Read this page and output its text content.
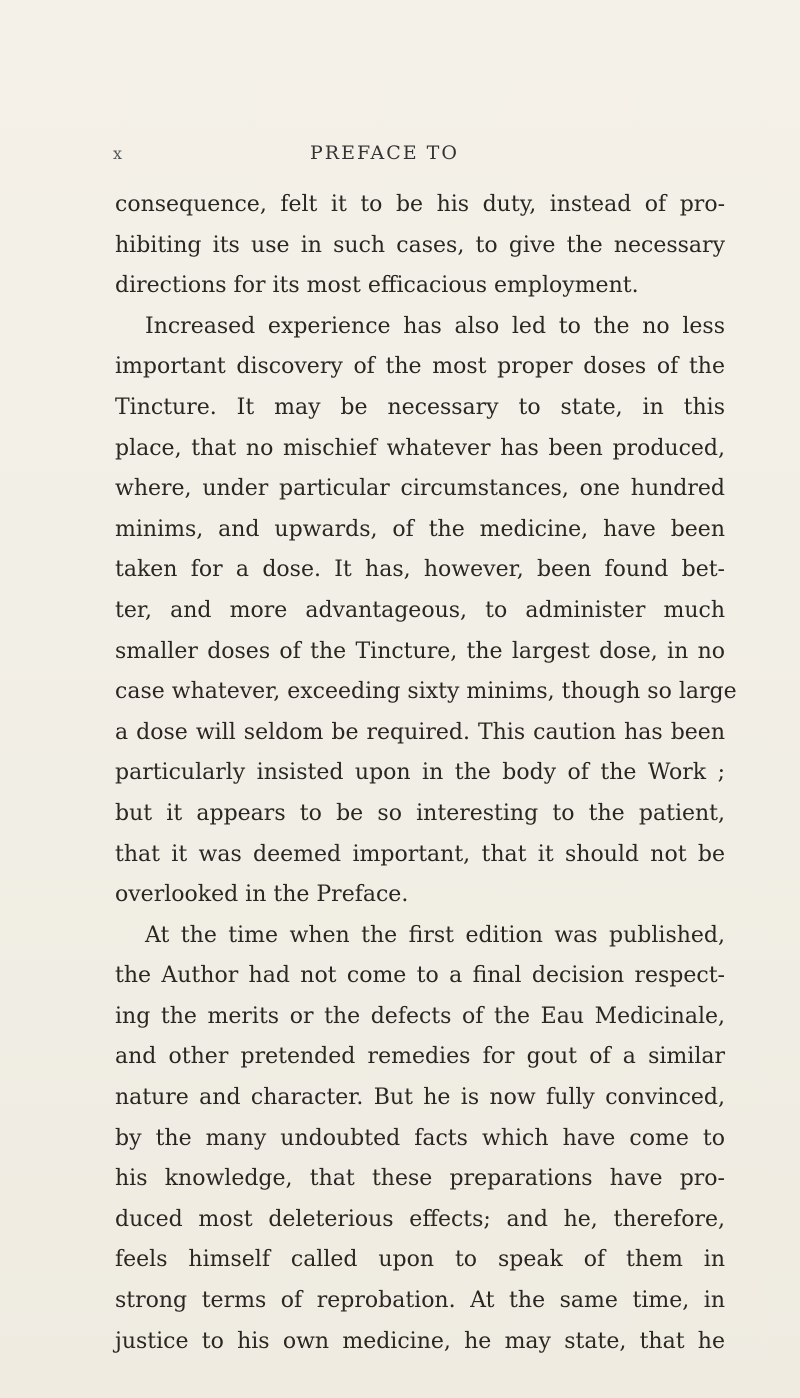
x	PREFACE TO
consequence, felt it to be his duty, instead of pro-
hibiting its use in such cases, to give the necessary
directions for its most efficacious employment.
Increased experience has also led to the no less
important discovery of the most proper doses of the
Tincture. It may be necessary to state, in this
place, that no mischief whatever has been produced,
where, under particular circumstances, one hundred
minims, and upwards, of the medicine, have been
taken for a dose. It has, however, been found bet-
ter, and more advantageous, to administer much
smaller doses of the Tincture, the largest dose, in no
case whatever, exceeding sixty minims, though so large
a dose will seldom be required. This caution has been
particularly insisted upon in the body of the Work ;
but it appears to be so interesting to the patient,
that it was deemed important, that it should not be
overlooked in the Preface.
At the time when the first edition was published,
the Author had not come to a final decision respect-
ing the merits or the defects of the Eau Medicinale,
and other pretended remedies for gout of a similar
nature and character. But he is now fully convinced,
by the many undoubted facts which have come to
his knowledge, that these preparations have pro-
duced most deleterious effects; and he, therefore,
feels himself called upon to speak of them in
strong terms of reprobation. At the same time, in
justice to his own medicine, he may state, that he
